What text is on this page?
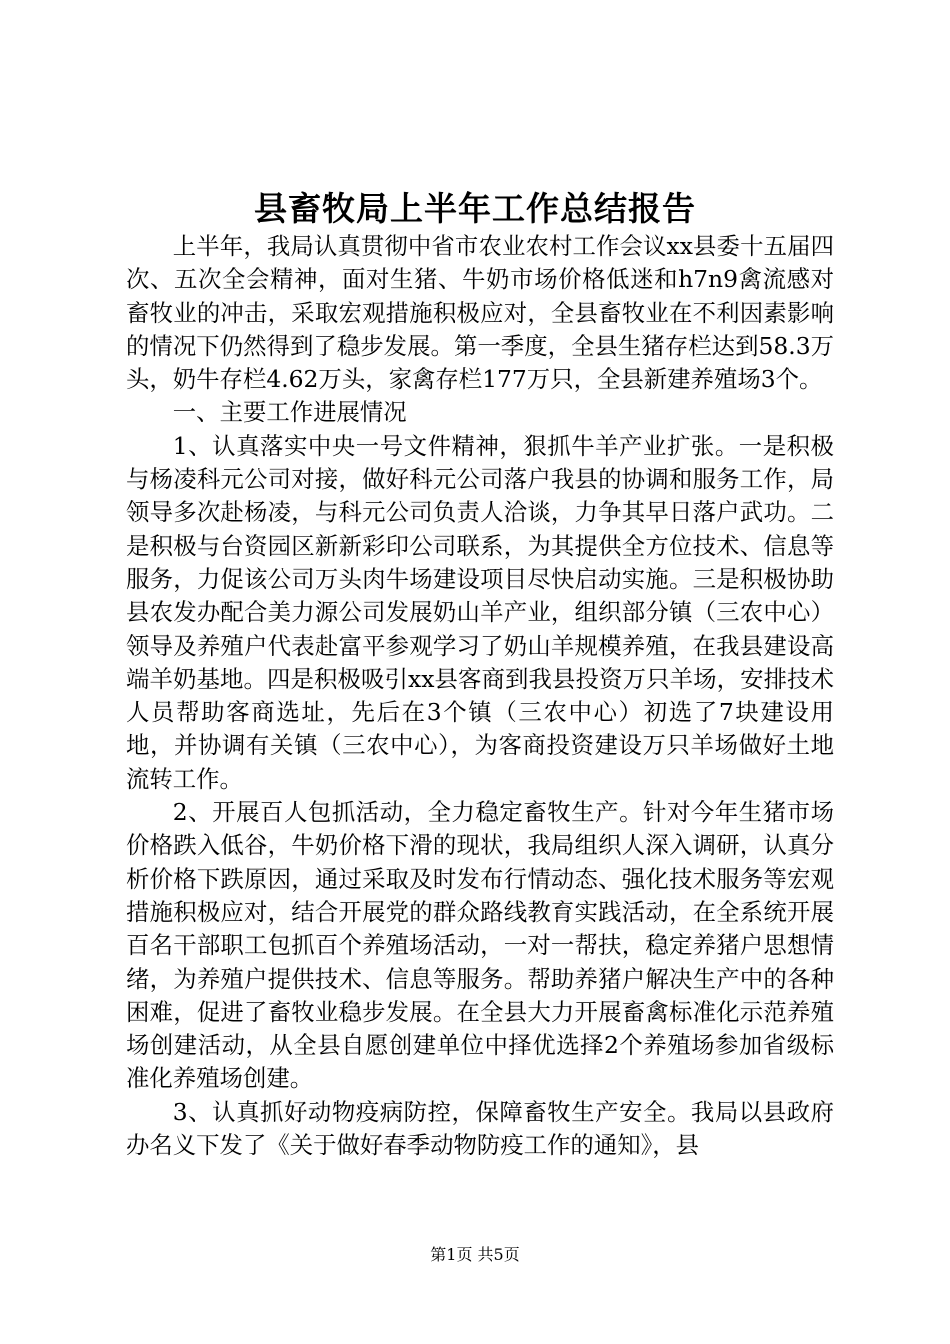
县畜牧局上半年工作总结报告

上半年，我局认真贯彻中省市农业农村工作会议xx县委十五届四次、五次全会精神，面对生猪、牛奶市场价格低迷和h7n9禽流感对畜牧业的冲击，采取宏观措施积极应对，全县畜牧业在不利因素影响的情况下仍然得到了稳步发展。第一季度，全县生猪存栏达到58.3万头，奶牛存栏4.62万头，家禽存栏177万只，全县新建养殖场3个。

一、主要工作进展情况

1、认真落实中央一号文件精神，狠抓牛羊产业扩张。一是积极与杨凌科元公司对接，做好科元公司落户我县的协调和服务工作，局领导多次赴杨凌，与科元公司负责人洽谈，力争其早日落户武功。二是积极与台资园区新新彩印公司联系，为其提供全方位技术、信息等服务，力促该公司万头肉牛场建设项目尽快启动实施。三是积极协助县农发办配合美力源公司发展奶山羊产业，组织部分镇（三农中心）领导及养殖户代表赴富平参观学习了奶山羊规模养殖，在我县建设高端羊奶基地。四是积极吸引xx县客商到我县投资万只羊场，安排技术人员帮助客商选址，先后在3个镇（三农中心）初选了7块建设用地，并协调有关镇（三农中心），为客商投资建设万只羊场做好土地流转工作。

2、开展百人包抓活动，全力稳定畜牧生产。针对今年生猪市场价格跌入低谷，牛奶价格下滑的现状，我局组织人深入调研，认真分析价格下跌原因，通过采取及时发布行情动态、强化技术服务等宏观措施积极应对，结合开展党的群众路线教育实践活动，在全系统开展百名干部职工包抓百个养殖场活动，一对一帮扶，稳定养猪户思想情绪，为养殖户提供技术、信息等服务。帮助养猪户解决生产中的各种困难，促进了畜牧业稳步发展。在全县大力开展畜禽标准化示范养殖场创建活动，从全县自愿创建单位中择优选择2个养殖场参加省级标准化养殖场创建。

3、认真抓好动物疫病防控，保障畜牧生产安全。我局以县政府办名义下发了《关于做好春季动物防疫工作的通知》，县

第1页 共5页
